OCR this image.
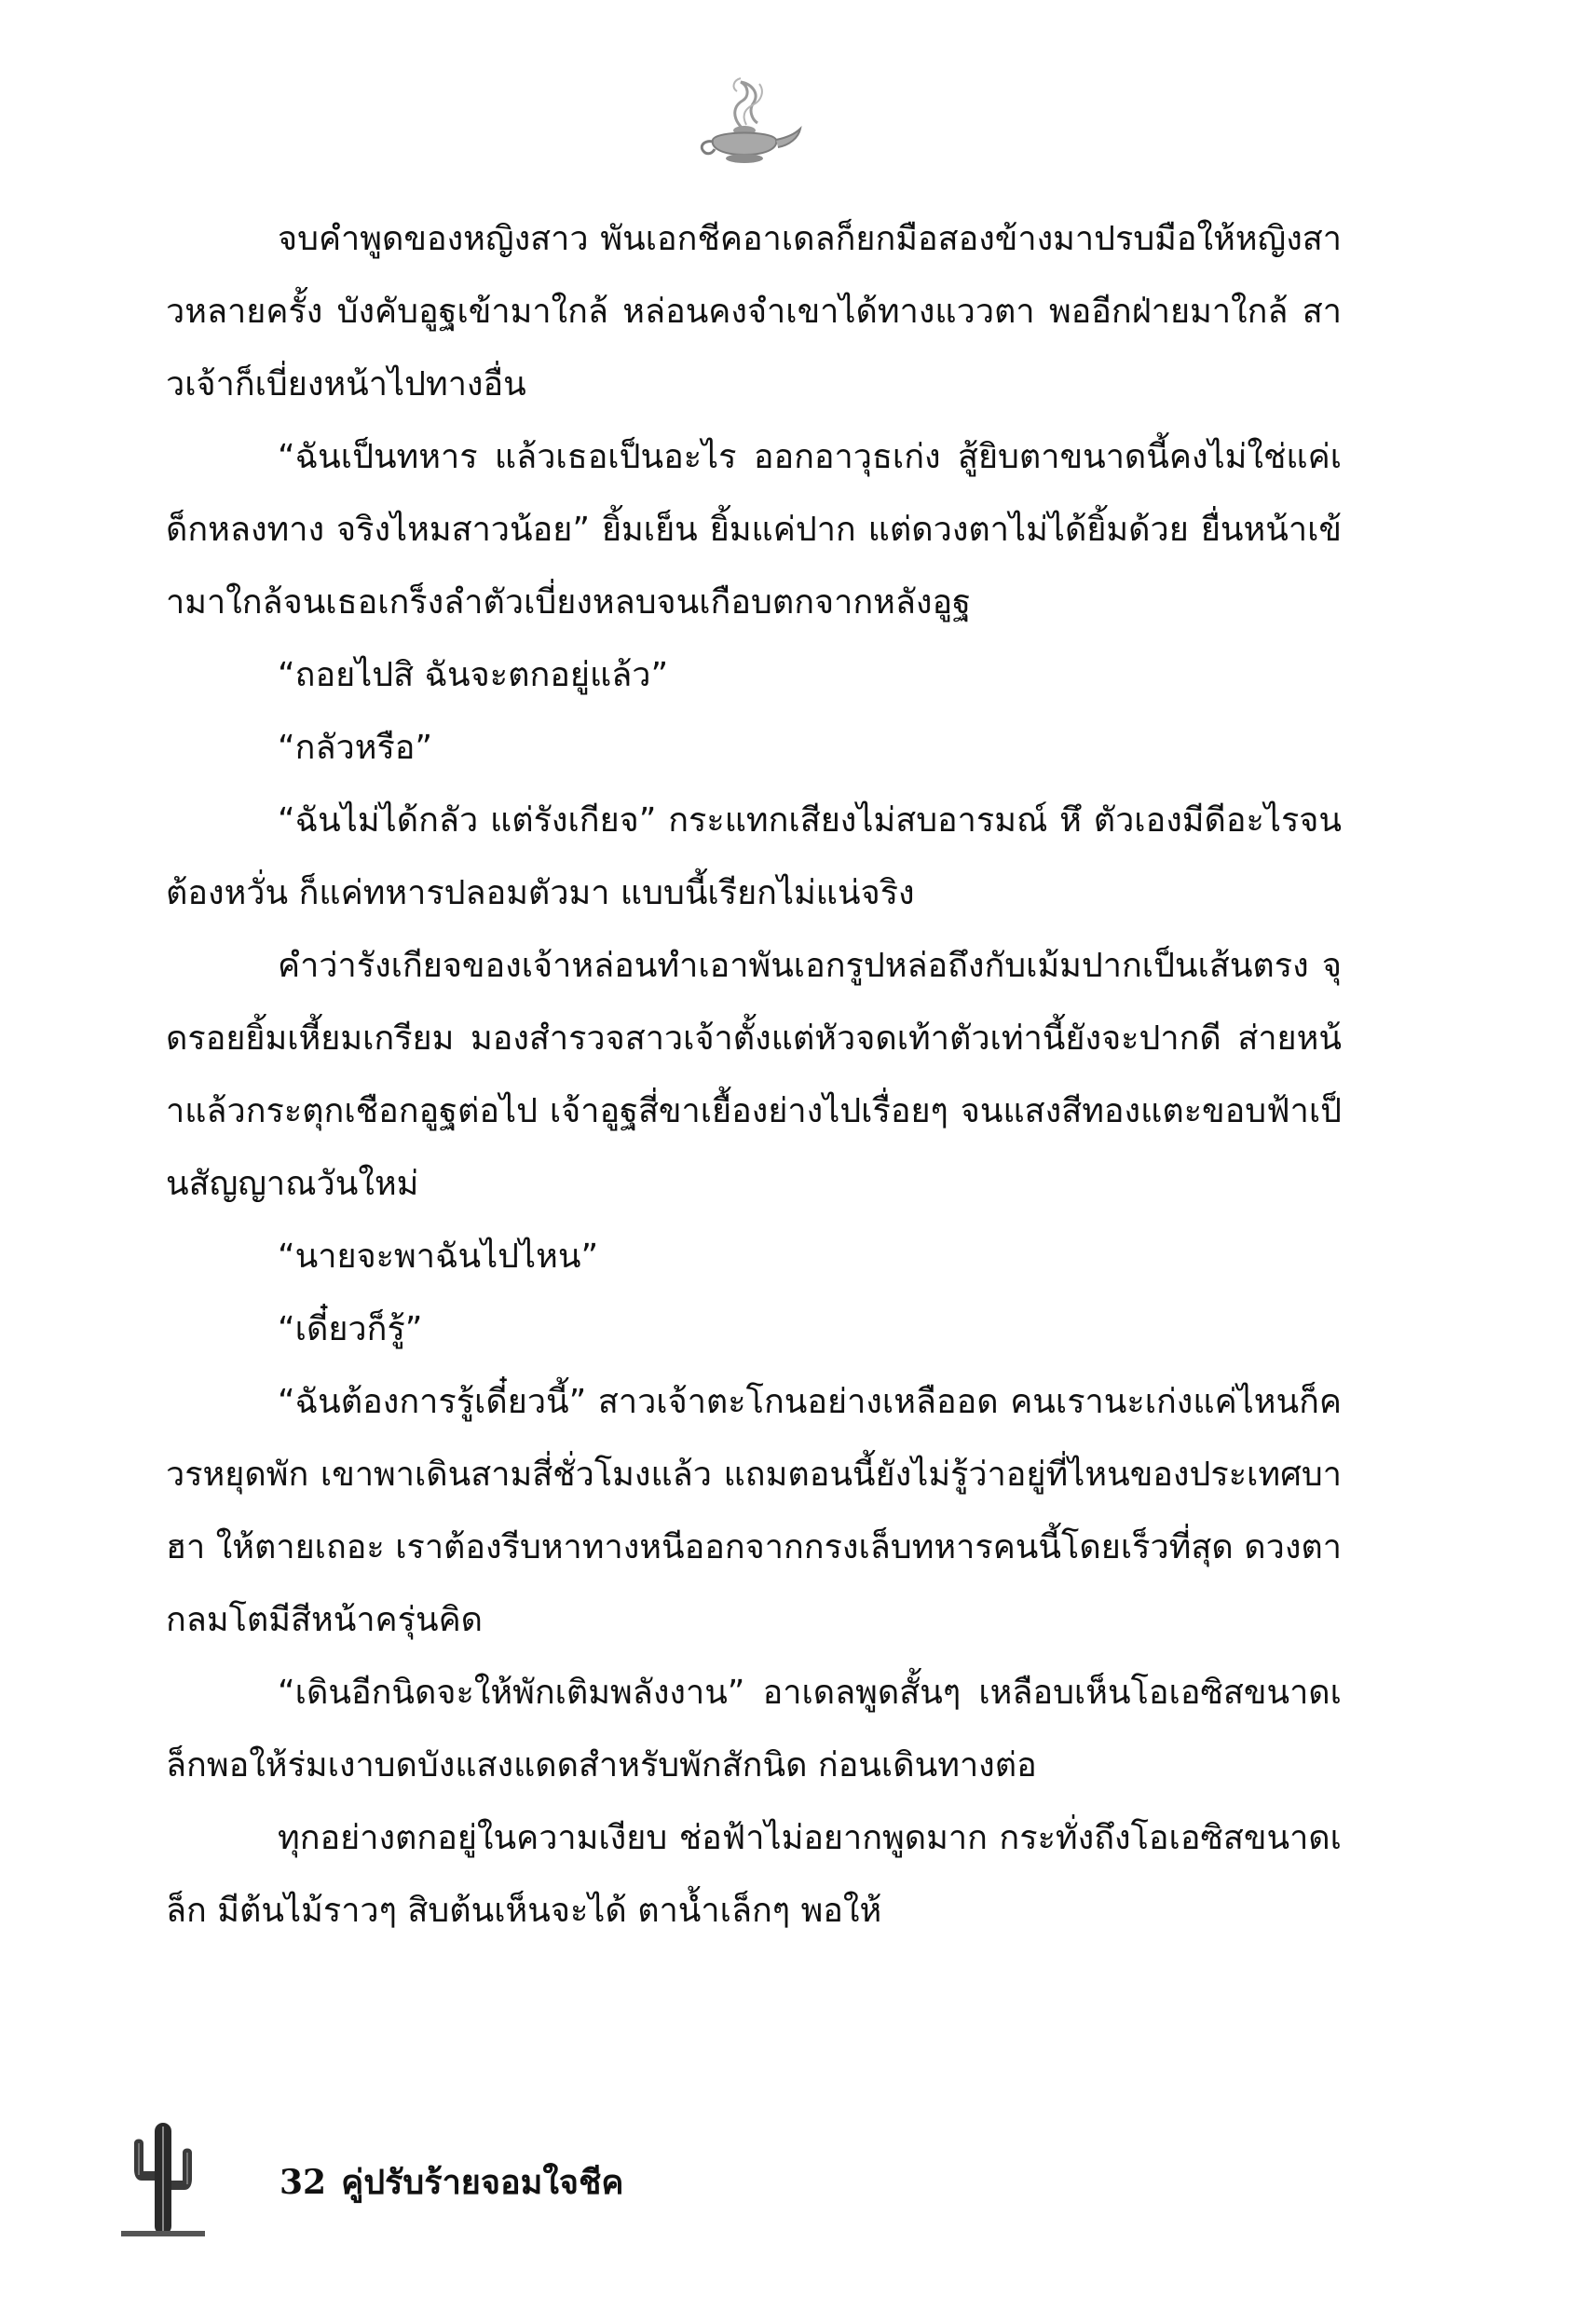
จบคำพูดของหญิงสาว พันเอกชีคอาเดลก็ยกมือสองข้างมาปรบมือให้หญิงสาวหลายครั้ง บังคับอูฐเข้ามาใกล้ หล่อนคงจำเขาได้ทางแววตา พออีกฝ่ายมาใกล้ สาวเจ้าก็เบี่ยงหน้าไปทางอื่น

“ฉันเป็นทหาร แล้วเธอเป็นอะไร ออกอาวุธเก่ง สู้ยิบตาขนาดนี้คงไม่ใช่แค่เด็กหลงทาง จริงไหมสาวน้อย” ยิ้มเย็น ยิ้มแค่ปาก แต่ดวงตาไม่ได้ยิ้มด้วย ยื่นหน้าเข้ามาใกล้จนเธอเกร็งลำตัวเบี่ยงหลบจนเกือบตกจากหลังอูฐ

“ถอยไปสิ ฉันจะตกอยู่แล้ว”

“กลัวหรือ”

“ฉันไม่ได้กลัว แต่รังเกียจ” กระแทกเสียงไม่สบอารมณ์ หึ ตัวเองมีดีอะไรจนต้องหวั่น ก็แค่ทหารปลอมตัวมา แบบนี้เรียกไม่แน่จริง

คำว่ารังเกียจของเจ้าหล่อนทำเอาพันเอกรูปหล่อถึงกับเม้มปากเป็นเส้นตรง จุดรอยยิ้มเหี้ยมเกรียม มองสำรวจสาวเจ้าตั้งแต่หัวจดเท้าตัวเท่านี้ยังจะปากดี ส่ายหน้าแล้วกระตุกเชือกอูฐต่อไป เจ้าอูฐสี่ขาเยื้องย่างไปเรื่อยๆ จนแสงสีทองแตะขอบฟ้าเป็นสัญญาณวันใหม่

“นายจะพาฉันไปไหน”

“เดี๋ยวก็รู้”

“ฉันต้องการรู้เดี๋ยวนี้” สาวเจ้าตะโกนอย่างเหลืออด คนเรานะเก่งแค่ไหนก็ควรหยุดพัก เขาพาเดินสามสี่ชั่วโมงแล้ว แถมตอนนี้ยังไม่รู้ว่าอยู่ที่ไหนของประเทศบาฮา ให้ตายเถอะ เราต้องรีบหาทางหนีออกจากกรงเล็บทหารคนนี้โดยเร็วที่สุด ดวงตากลมโตมีสีหน้าครุ่นคิด

“เดินอีกนิดจะให้พักเติมพลังงาน” อาเดลพูดสั้นๆ เหลือบเห็นโอเอซิสขนาดเล็กพอให้ร่มเงาบดบังแสงแดดสำหรับพักสักนิด ก่อนเดินทางต่อ

ทุกอย่างตกอยู่ในความเงียบ ช่อฟ้าไม่อยากพูดมาก กระทั่งถึงโอเอซิสขนาดเล็ก มีต้นไม้ราวๆ สิบต้นเห็นจะได้ ตาน้ำเล็กๆ พอให้

32 คู่ปรับร้ายจอมใจชีค
